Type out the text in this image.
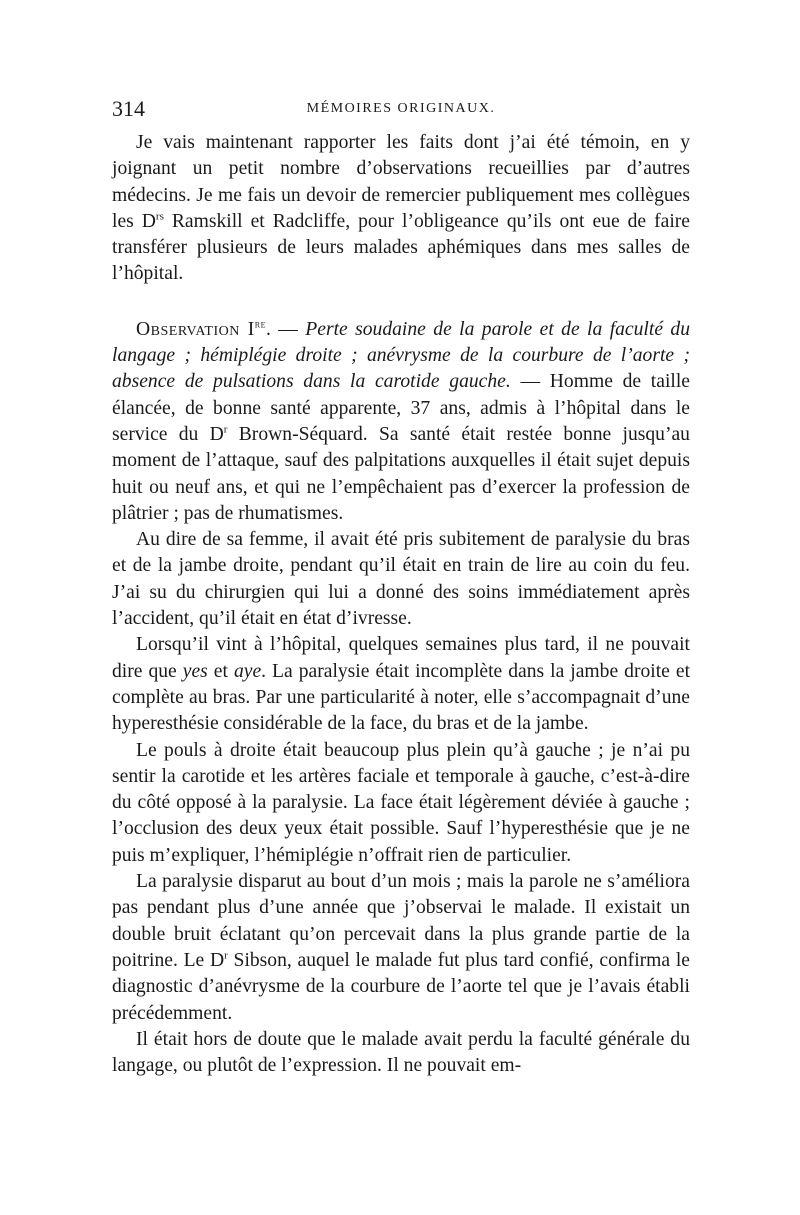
314	MÉMOIRES ORIGINAUX.

Je vais maintenant rapporter les faits dont j’ai été témoin, en y joignant un petit nombre d’observations recueillies par d’autres médecins. Je me fais un devoir de remercier publiquement mes collègues les $D^{rs}$ Ramskill et Radcliffe, pour l’obligeance qu’ils ont eue de faire transférer plusieurs de leurs malades aphémiques dans mes salles de l’hôpital.

Observation Ire. — Perte soudaine de la parole et de la faculté du langage ; hémiplégie droite ; anévrysme de la courbure de l’aorte ; absence de pulsations dans la carotide gauche. — Homme de taille élancée, de bonne santé apparente, 37 ans, admis à l’hôpital dans le service du $D^r$ Brown-Séquard. Sa santé était restée bonne jusqu’au moment de l’attaque, sauf des palpitations auxquelles il était sujet depuis huit ou neuf ans, et qui ne l’empêchaient pas d’exercer la profession de plâtrier ; pas de rhumatismes.

Au dire de sa femme, il avait été pris subitement de paralysie du bras et de la jambe droite, pendant qu’il était en train de lire au coin du feu. J’ai su du chirurgien qui lui a donné des soins immédiatement après l’accident, qu’il était en état d’ivresse.

Lorsqu’il vint à l’hôpital, quelques semaines plus tard, il ne pouvait dire que yes et aye. La paralysie était incomplète dans la jambe droite et complète au bras. Par une particularité à noter, elle s’accompagnait d’une hyperesthésie considérable de la face, du bras et de la jambe.

Le pouls à droite était beaucoup plus plein qu’à gauche ; je n’ai pu sentir la carotide et les artères faciale et temporale à gauche, c’est-à-dire du côté opposé à la paralysie. La face était légèrement déviée à gauche ; l’occlusion des deux yeux était possible. Sauf l’hyperesthésie que je ne puis m’expliquer, l’hémiplégie n’offrait rien de particulier.

La paralysie disparut au bout d’un mois ; mais la parole ne s’améliora pas pendant plus d’une année que j’observai le malade. Il existait un double bruit éclatant qu’on percevait dans la plus grande partie de la poitrine. Le $D^r$ Sibson, auquel le malade fut plus tard confié, confirma le diagnostic d’anévrysme de la courbure de l’aorte tel que je l’avais établi précédemment.

Il était hors de doute que le malade avait perdu la faculté générale du langage, ou plutôt de l’expression. Il ne pouvait em-
